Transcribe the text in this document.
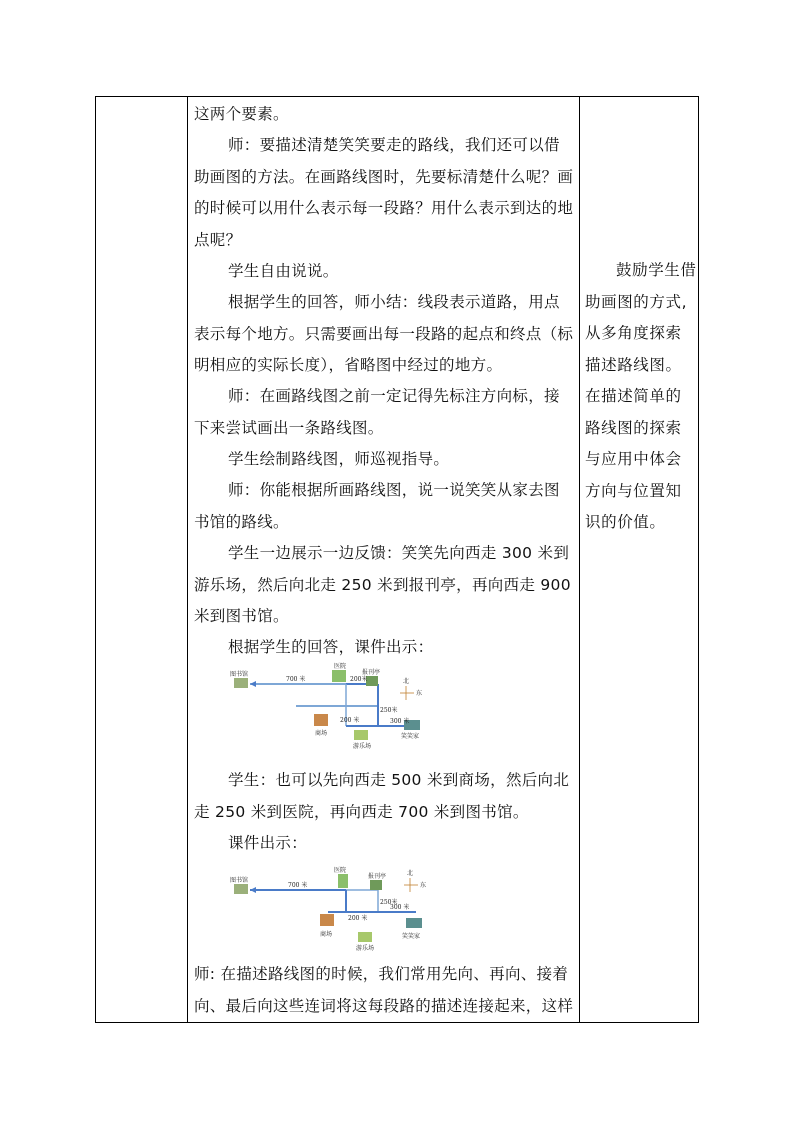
这两个要素。

师：要描述清楚笑笑要走的路线，我们还可以借助画图的方法。在画路线图时，先要标清楚什么呢？画的时候可以用什么表示每一段路？用什么表示到达的地点呢？

学生自由说说。

根据学生的回答，师小结：线段表示道路，用点表示每个地方。只需要画出每一段路的起点和终点（标明相应的实际长度），省略图中经过的地方。

师：在画路线图之前一定记得先标注方向标，接下来尝试画出一条路线图。

学生绘制路线图，师巡视指导。

师：你能根据所画路线图，说一说笑笑从家去图书馆的路线。

学生一边展示一边反馈：笑笑先向西走 300 米到游乐场，然后向北走 250 米到报刊亭，再向西走 900 米到图书馆。

根据学生的回答，课件出示：

学生：也可以先向西走 500 米到商场，然后向北走 250 米到医院，再向西走 700 米到图书馆。

课件出示：

师: 在描述路线图的时候，我们常用先向、再向、接着向、最后向这些连词将这每段路的描述连接起来，这样

鼓励学生借助画图的方式,从多角度探索描述路线图。在描述简单的路线图的探索与应用中体会方向与位置知识的价值。
图书馆
医院
报刊亭
商场
游乐场
笑笑家
北
东
700 米	200米
200 米
250米
300 米
图书馆
医院
报刊亭
商场
游乐场
笑笑家
北
东
700 米
200 米
250米
300 米
